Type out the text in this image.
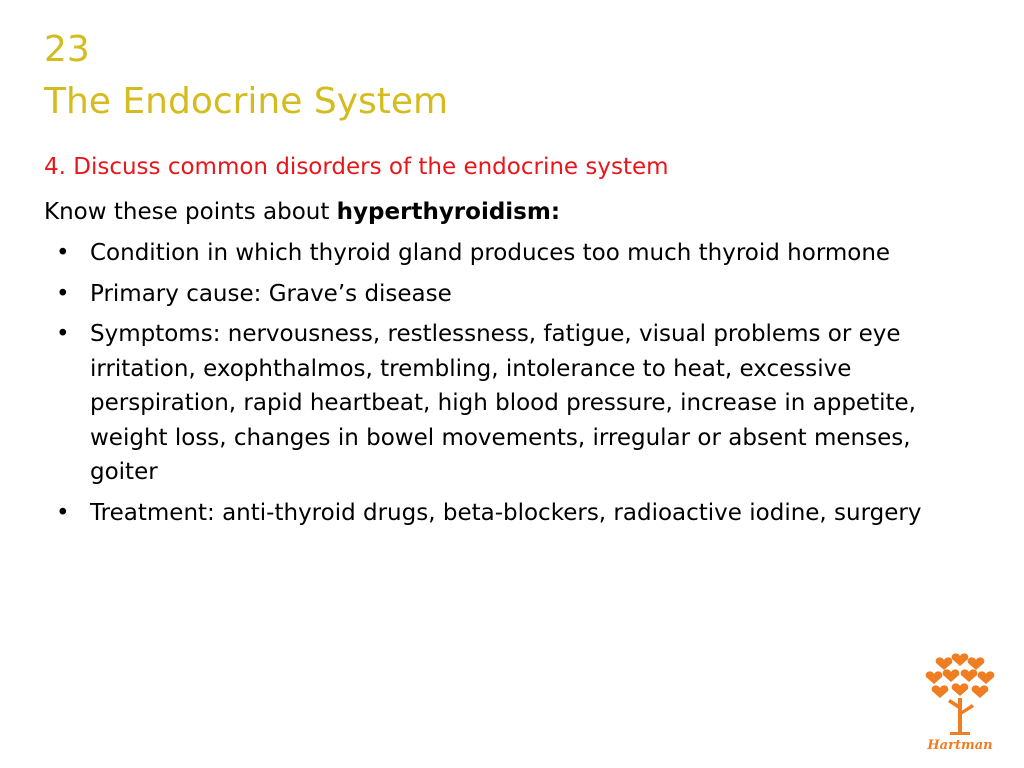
23
The Endocrine System
4. Discuss common disorders of the endocrine system
Know these points about hyperthyroidism:
• Condition in which thyroid gland produces too much thyroid hormone
• Primary cause: Grave’s disease
• Symptoms: nervousness, restlessness, fatigue, visual problems or eye irritation, exophthalmos, trembling, intolerance to heat, excessive perspiration, rapid heartbeat, high blood pressure, increase in appetite, weight loss, changes in bowel movements, irregular or absent menses, goiter
• Treatment: anti-thyroid drugs, beta-blockers, radioactive iodine, surgery
Hartman
